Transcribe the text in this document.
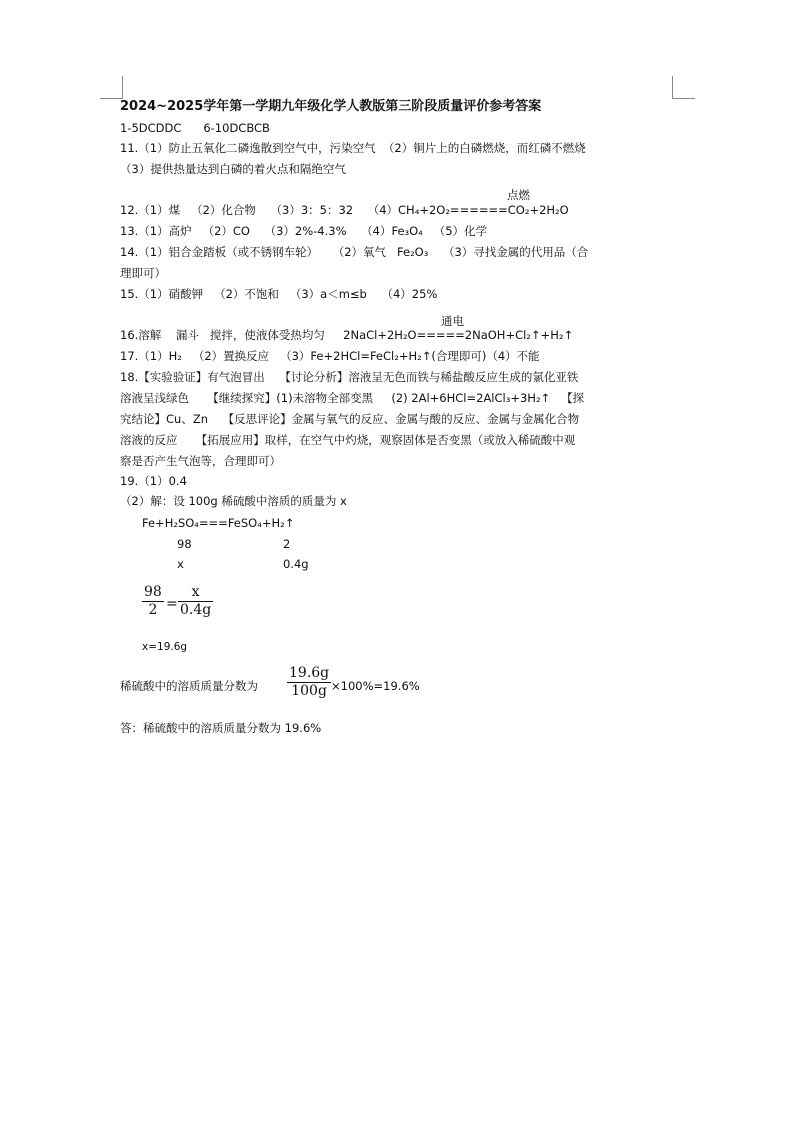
2024~2025学年第一学期九年级化学人教版第三阶段质量评价参考答案
1-5DCDDC      6-10DCBCB
11.（1）防止五氧化二磷逸散到空气中，污染空气  （2）铜片上的白磷燃烧，而红磷不燃烧
（3）提供热量达到白磷的着火点和隔绝空气
点燃
12.（1）煤   （2）化合物    （3）3：5：32    （4）CH₄+2O₂======CO₂+2H₂O
13.（1）高炉   （2）CO    （3）2%-4.3%    （4）Fe₃O₄   （5）化学
14.（1）铝合金踏板（或不锈钢车轮）    （2）氧气   Fe₂O₃    （3）寻找金属的代用品（合
理即可）
15.（1）硝酸钾   （2）不饱和   （3）a＜m≤b    （4）25%
通电
16.溶解    漏斗   搅拌，使液体受热均匀     2NaCl+2H₂O=====2NaOH+Cl₂↑+H₂↑
17.（1）H₂   （2）置换反应   （3）Fe+2HCl=FeCl₂+H₂↑(合理即可)（4）不能
18.【实验验证】有气泡冒出    【讨论分析】溶液呈无色而铁与稀盐酸反应生成的氯化亚铁
溶液呈浅绿色     【继续探究】(1)未溶物全部变黑     (2) 2Al+6HCl=2AlCl₃+3H₂↑   【探
究结论】Cu、Zn    【反思评论】金属与氧气的反应、金属与酸的反应、金属与金属化合物
溶液的反应     【拓展应用】取样，在空气中灼烧，观察固体是否变黑（或放入稀硫酸中观
察是否产生气泡等，合理即可）
19.（1）0.4
（2）解：设 100g 稀硫酸中溶质的质量为 x
Fe+H₂SO₄===FeSO₄+H₂↑
98	2
x	0.4g
98
2 =
x
0.4g
x=19.6g
稀硫酸中的溶质质量分数为
19.6g
100g ×100%=19.6%
答：稀硫酸中的溶质质量分数为 19.6%
